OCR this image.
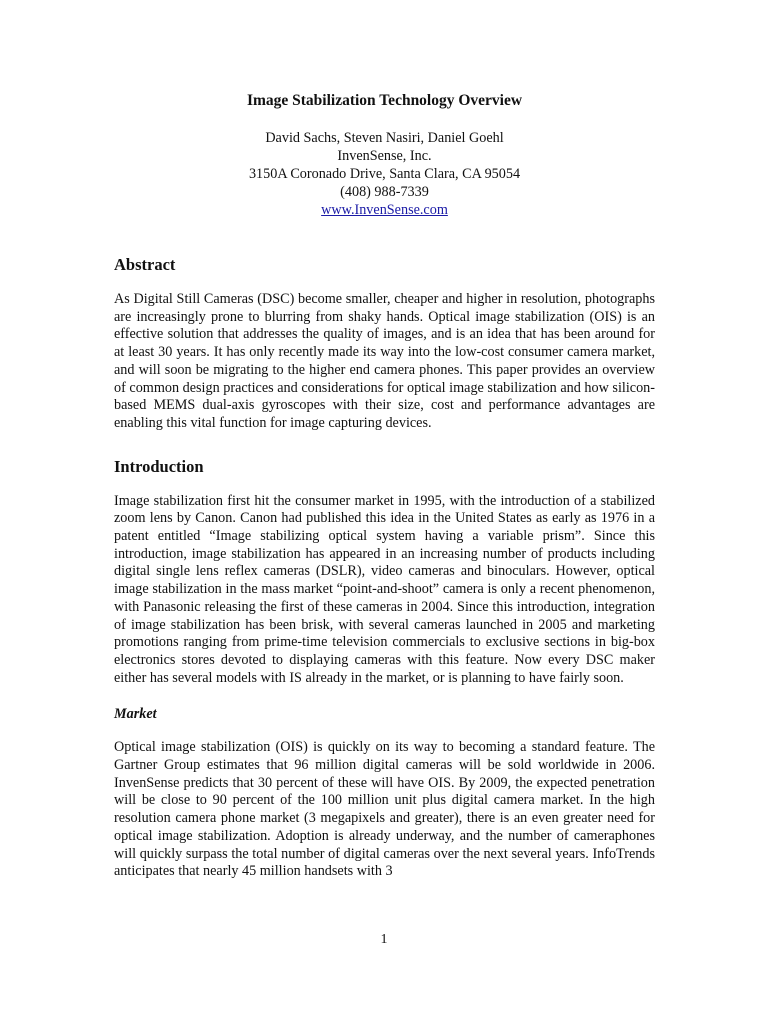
Image Stabilization Technology Overview
David Sachs, Steven Nasiri, Daniel Goehl
InvenSense, Inc.
3150A Coronado Drive, Santa Clara, CA 95054
(408) 988-7339
www.InvenSense.com
Abstract

As Digital Still Cameras (DSC) become smaller, cheaper and higher in resolution, photographs are increasingly prone to blurring from shaky hands. Optical image stabilization (OIS) is an effective solution that addresses the quality of images, and is an idea that has been around for at least 30 years. It has only recently made its way into the low-cost consumer camera market, and will soon be migrating to the higher end camera phones. This paper provides an overview of common design practices and considerations for optical image stabilization and how silicon-based MEMS dual-axis gyroscopes with their size, cost and performance advantages are enabling this vital function for image capturing devices.

Introduction

Image stabilization first hit the consumer market in 1995, with the introduction of a stabilized zoom lens by Canon. Canon had published this idea in the United States as early as 1976 in a patent entitled “Image stabilizing optical system having a variable prism”. Since this introduction, image stabilization has appeared in an increasing number of products including digital single lens reflex cameras (DSLR), video cameras and binoculars. However, optical image stabilization in the mass market “point-and-shoot” camera is only a recent phenomenon, with Panasonic releasing the first of these cameras in 2004. Since this introduction, integration of image stabilization has been brisk, with several cameras launched in 2005 and marketing promotions ranging from prime-time television commercials to exclusive sections in big-box electronics stores devoted to displaying cameras with this feature. Now every DSC maker either has several models with IS already in the market, or is planning to have fairly soon.

Market

Optical image stabilization (OIS) is quickly on its way to becoming a standard feature. The Gartner Group estimates that 96 million digital cameras will be sold worldwide in 2006. InvenSense predicts that 30 percent of these will have OIS. By 2009, the expected penetration will be close to 90 percent of the 100 million unit plus digital camera market. In the high resolution camera phone market (3 megapixels and greater), there is an even greater need for optical image stabilization. Adoption is already underway, and the number of cameraphones will quickly surpass the total number of digital cameras over the next several years. InfoTrends anticipates that nearly 45 million handsets with 3

1
